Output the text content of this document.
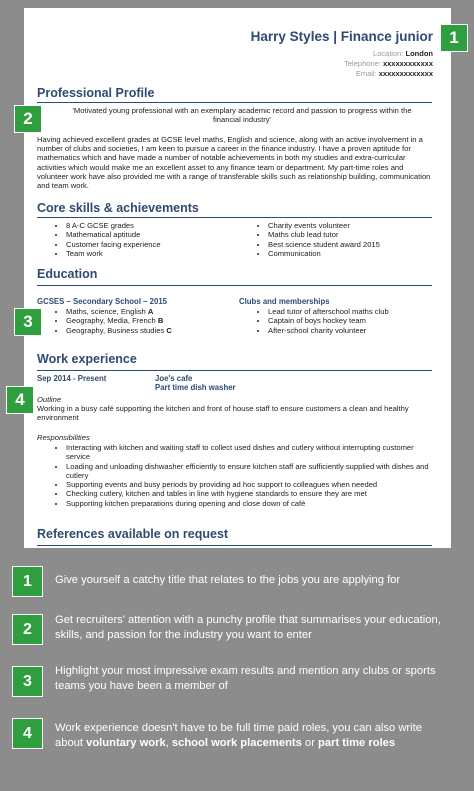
Harry Styles | Finance junior
Location: London
Telephone: xxxxxxxxxxxx
Email: xxxxxxxxxxxxx
Professional Profile
'Motivated young professional with an exemplary academic record and passion to progress within the financial industry'
Having achieved excellent grades at GCSE level maths, English and science, along with an active involvement in a number of clubs and societies, I am keen to pursue a career in the finance industry. I have a proven aptitude for mathematics which and have made a number of notable achievements in both my studies and extra-curricular activities which would make me an excellent asset to any finance team or department. My part-time roles and volunteer work have also provided me with a range of transferable skills such as relationship building, communication and team work.
Core skills & achievements
• 8 A-C GCSE grades
• Mathematical aptitude
• Customer facing experience
• Team work
• Charity events volunteer
• Maths club lead tutor
• Best science student award 2015
• Communication
Education
GCSES – Secondary School – 2015
• Maths, science, English A
• Geography, Media, French B
• Geography, Business studies C
Clubs and memberships
• Lead tutor of afterschool maths club
• Captain of boys hockey team
• After-school charity volunteer
Work experience
Sep 2014 - Present	Joe's cafe
Part time dish washer
Outline
Working in a busy café supporting the kitchen and front of house staff to ensure customers a clean and healthy environment
Responsibilities
• Interacting with kitchen and waiting staff to collect used dishes and cutlery without interrupting customer service
• Loading and unloading dishwasher efficiently to ensure kitchen staff are sufficiently supplied with dishes and cutlery
• Supporting events and busy periods by providing ad hoc support to colleagues when needed
• Checking cutlery, kitchen and tables in line with hygiene standards to ensure they are met
• Supporting kitchen preparations during opening and close down of café
References available on request
1
2
3
4
1	Give yourself a catchy title that relates to the jobs you are applying for
2
Get recruiters' attention with a punchy profile that summarises your education, skills, and passion for the industry you want to enter
3
Highlight your most impressive exam results and mention any clubs or sports teams you have been a member of
4	Work experience doesn't have to be full time paid roles, you can also write about voluntary work, school work placements or part time roles
